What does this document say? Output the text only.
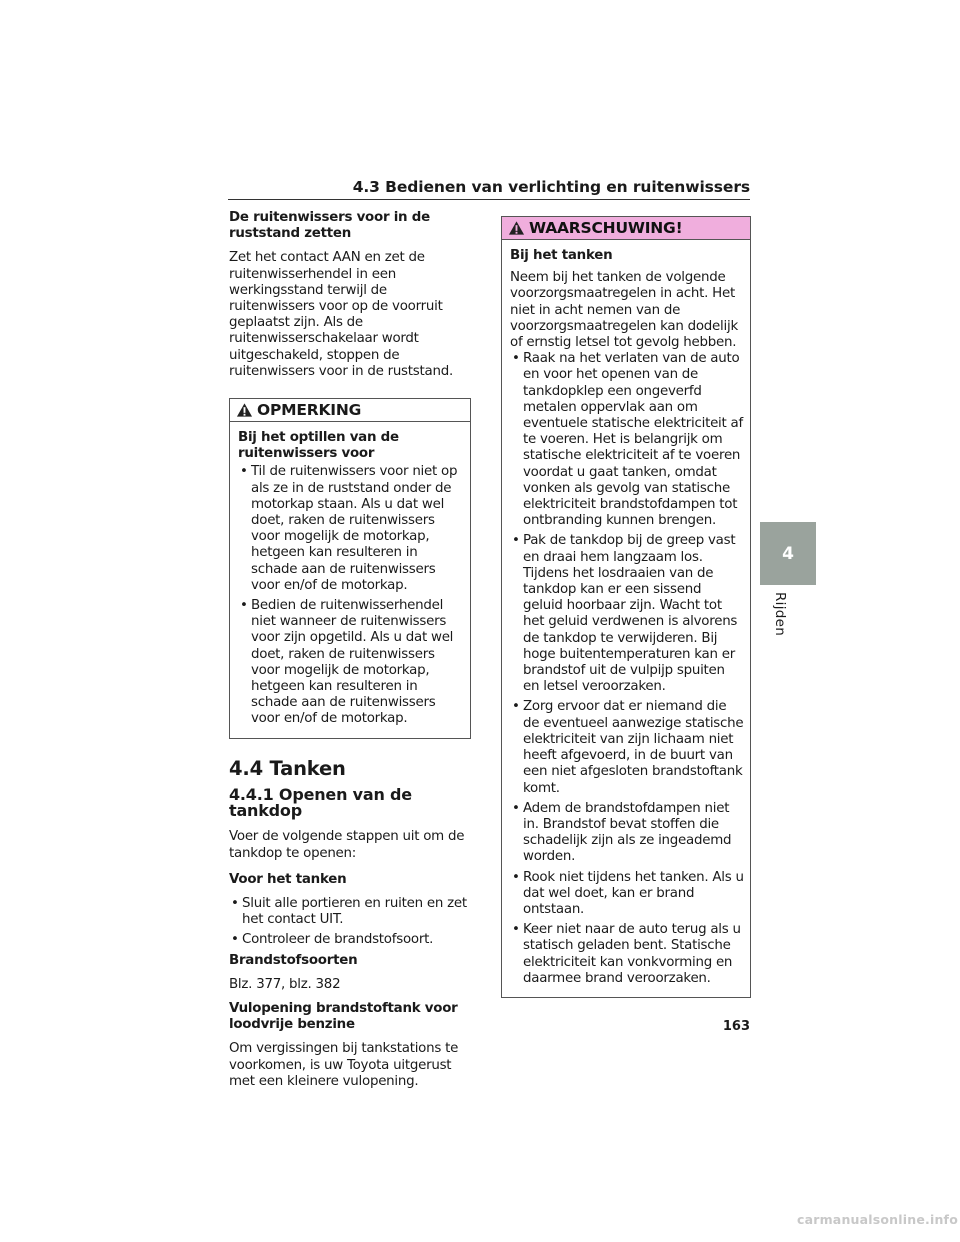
4.3 Bedienen van verlichting en ruitenwissers

De ruitenwissers voor in de ruststand zetten

Zet het contact AAN en zet de ruitenwisserhendel in een werkingsstand terwijl de ruitenwissers voor op de voorruit geplaatst zijn. Als de ruitenwisserschakelaar wordt uitgeschakeld, stoppen de ruitenwissers voor in de ruststand.

OPMERKING

Bij het optillen van de ruitenwissers voor

• Til de ruitenwissers voor niet op als ze in de ruststand onder de motorkap staan. Als u dat wel doet, raken de ruitenwissers voor mogelijk de motorkap, hetgeen kan resulteren in schade aan de ruitenwissers voor en/of de motorkap.
• Bedien de ruitenwisserhendel niet wanneer de ruitenwissers voor zijn opgetild. Als u dat wel doet, raken de ruitenwissers voor mogelijk de motorkap, hetgeen kan resulteren in schade aan de ruitenwissers voor en/of de motorkap.

4.4 Tanken

4.4.1 Openen van de tankdop

Voer de volgende stappen uit om de tankdop te openen:

Voor het tanken

• Sluit alle portieren en ruiten en zet het contact UIT.
• Controleer de brandstofsoort.

Brandstofsoorten

Blz. 377, blz. 382

Vulopening brandstoftank voor loodvrije benzine

Om vergissingen bij tankstations te voorkomen, is uw Toyota uitgerust met een kleinere vulopening.

WAARSCHUWING!

Bij het tanken

Neem bij het tanken de volgende voorzorgsmaatregelen in acht. Het niet in acht nemen van de voorzorgsmaatregelen kan dodelijk of ernstig letsel tot gevolg hebben.

• Raak na het verlaten van de auto en voor het openen van de tankdopklep een ongeverfd metalen oppervlak aan om eventuele statische elektriciteit af te voeren. Het is belangrijk om statische elektriciteit af te voeren voordat u gaat tanken, omdat vonken als gevolg van statische elektriciteit brandstofdampen tot ontbranding kunnen brengen.
• Pak de tankdop bij de greep vast en draai hem langzaam los. Tijdens het losdraaien van de tankdop kan er een sissend geluid hoorbaar zijn. Wacht tot het geluid verdwenen is alvorens de tankdop te verwijderen. Bij hoge buitentemperaturen kan er brandstof uit de vulpijp spuiten en letsel veroorzaken.
• Zorg ervoor dat er niemand die de eventueel aanwezige statische elektriciteit van zijn lichaam niet heeft afgevoerd, in de buurt van een niet afgesloten brandstoftank komt.
• Adem de brandstofdampen niet in. Brandstof bevat stoffen die schadelijk zijn als ze ingeademd worden.
• Rook niet tijdens het tanken. Als u dat wel doet, kan er brand ontstaan.
• Keer niet naar de auto terug als u statisch geladen bent. Statische elektriciteit kan vonkvorming en daarmee brand veroorzaken.
4
Rijden
163
carmanualsonline.info
